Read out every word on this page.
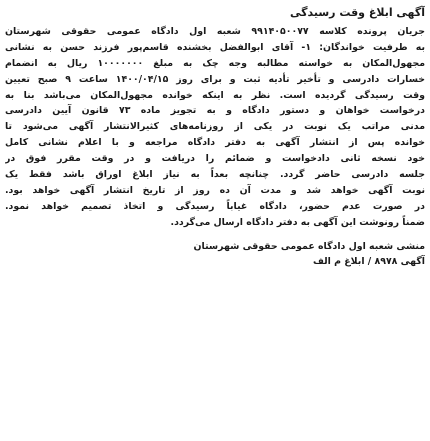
آگهی ابلاغ وقت رسیدگی
جریان پرونده کلاسه ۹۹۱۴۰۵۰۰۷۷ شعبه اول دادگاه عمومی حقوقی شهرستان
به طرفیت خواندگان: ۱- آقای ابوالفضل بخشنده قاسم‌پور فرزند حسن به نشانی
مجهول‌المکان به خواسته مطالبه وجه چک به مبلغ ۱۰۰۰۰۰۰۰ ریال به انضمام
خسارات دادرسی و تأخیر تأدیه ثبت و برای روز ۱۴۰۰/۰۴/۱۵ ساعت ۹ صبح تعیین
وقت رسیدگی گردیده است. نظر به اینکه خوانده مجهول‌المکان می‌باشد بنا به
درخواست خواهان و دستور دادگاه و به تجویز ماده ۷۳ قانون آیین دادرسی
مدنی مراتب یک نوبت در یکی از روزنامه‌های کثیرالانتشار آگهی می‌شود تا
خوانده پس از انتشار آگهی به دفتر دادگاه مراجعه و با اعلام نشانی کامل
خود نسخه ثانی دادخواست و ضمائم را دریافت و در وقت مقرر فوق در
جلسه دادرسی حاضر گردد. چنانچه بعداً به نیاز ابلاغ اوراق باشد فقط یک
نوبت آگهی خواهد شد و مدت آن ده روز از تاریخ انتشار آگهی خواهد بود.
در صورت عدم حضور، دادگاه غیاباً رسیدگی و اتخاذ تصمیم خواهد نمود.
ضمناً رونوشت این آگهی به دفتر دادگاه ارسال می‌گردد.
منشی شعبه اول دادگاه عمومی حقوقی شهرستان
آگهی ۸۹۷۸ / ابلاغ م الف
